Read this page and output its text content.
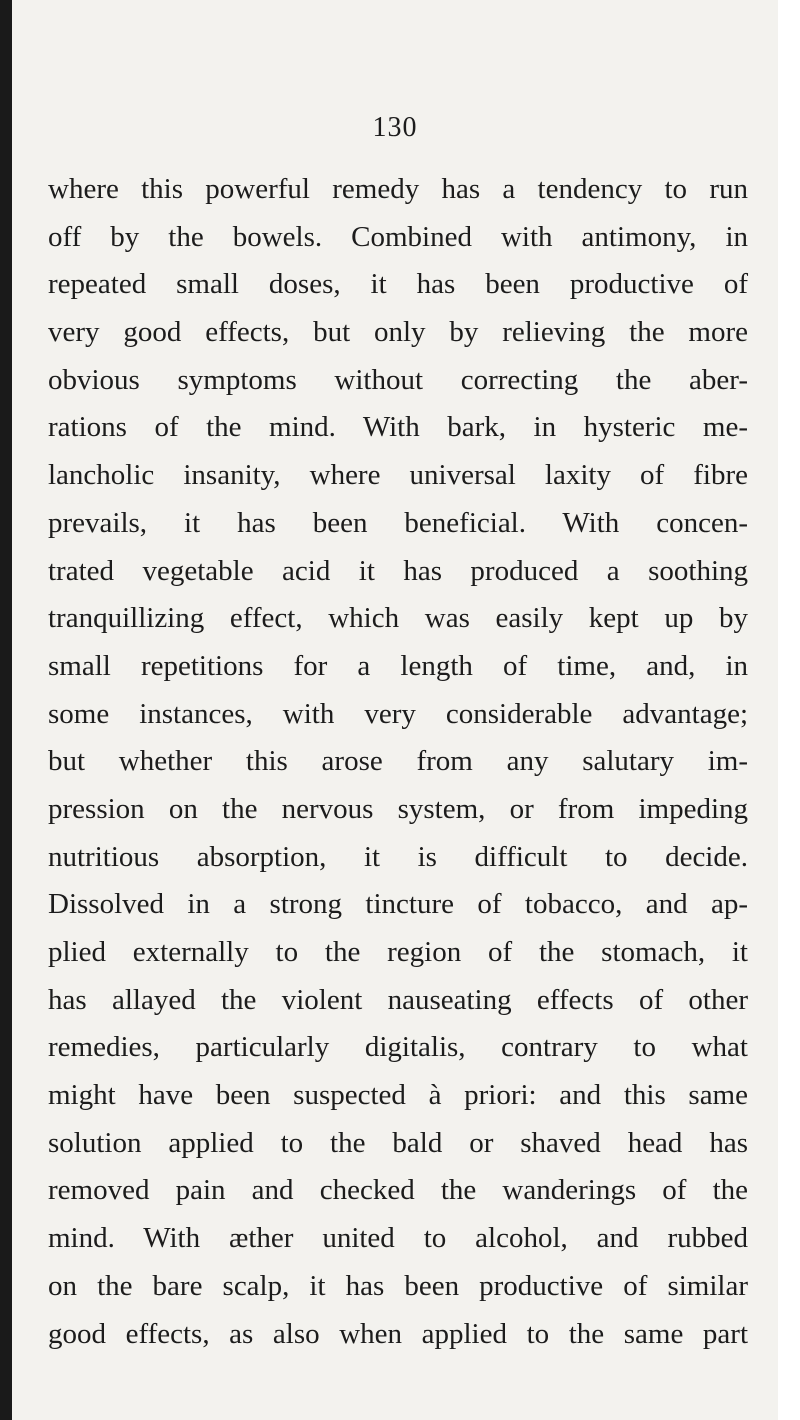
130
where this powerful remedy has a tendency to run
off by the bowels. Combined with antimony, in
repeated small doses, it has been productive of
very good effects, but only by relieving the more
obvious symptoms without correcting the aber-
rations of the mind. With bark, in hysteric me-
lancholic insanity, where universal laxity of fibre
prevails, it has been beneficial. With concen-
trated vegetable acid it has produced a soothing
tranquillizing effect, which was easily kept up by
small repetitions for a length of time, and, in
some instances, with very considerable advantage;
but whether this arose from any salutary im-
pression on the nervous system, or from impeding
nutritious absorption, it is difficult to decide.
Dissolved in a strong tincture of tobacco, and ap-
plied externally to the region of the stomach, it
has allayed the violent nauseating effects of other
remedies, particularly digitalis, contrary to what
might have been suspected à priori: and this same
solution applied to the bald or shaved head has
removed pain and checked the wanderings of the
mind. With æther united to alcohol, and rubbed
on the bare scalp, it has been productive of similar
good effects, as also when applied to the same part
